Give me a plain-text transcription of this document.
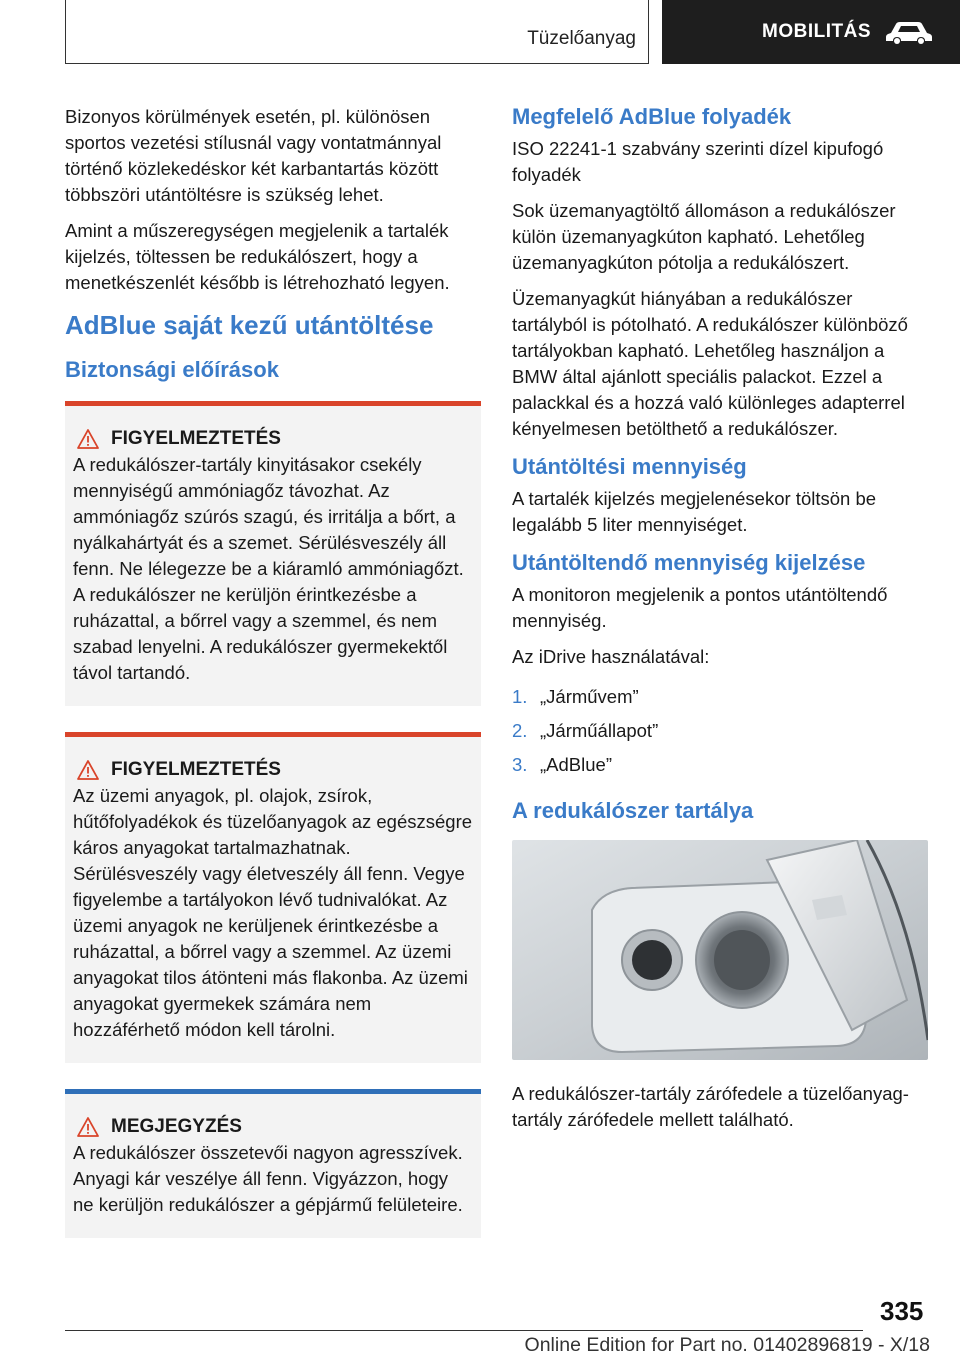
Tüzelőanyag	MOBILITÁS

Bizonyos körülmények esetén, pl. különösen sportos vezetési stílusnál vagy vontatmánnyal történő közlekedéskor két karbantartás között többszöri utántöltésre is szükség lehet.

Amint a műszeregységen megjelenik a tartalék kijelzés, töltessen be redukálószert, hogy a menetkészenlét később is létrehozható legyen.

AdBlue saját kezű utántöltése
Biztonsági előírások
FIGYELMEZTETÉS
A redukálószer-tartály kinyitásakor csekély mennyiségű ammóniagőz távozhat. Az ammóniagőz szúrós szagú, és irritálja a bőrt, a nyálkahártyát és a szemet. Sérülésveszély áll fenn. Ne lélegezze be a kiáramló ammóniagőzt. A redukálószer ne kerüljön érintkezésbe a ruházattal, a bőrrel vagy a szemmel, és nem szabad lenyelni. A redukálószer gyermekektől távol tartandó.
FIGYELMEZTETÉS
Az üzemi anyagok, pl. olajok, zsírok, hűtőfolyadékok és tüzelőanyagok az egészségre káros anyagokat tartalmazhatnak. Sérülésveszély vagy életveszély áll fenn. Vegye figyelembe a tartályokon lévő tudnivalókat. Az üzemi anyagok ne kerüljenek érintkezésbe a ruházattal, a bőrrel vagy a szemmel. Az üzemi anyagokat tilos átönteni más flakonba. Az üzemi anyagokat gyermekek számára nem hozzáférhető módon kell tárolni.
MEGJEGYZÉS
A redukálószer összetevői nagyon agresszívek. Anyagi kár veszélye áll fenn. Vigyázzon, hogy ne kerüljön redukálószer a gépjármű felületeire.
Megfelelő AdBlue folyadék

ISO 22241-1 szabvány szerinti dízel kipufogó folyadék

Sok üzemanyagtöltő állomáson a redukálószer külön üzemanyagkúton kapható. Lehetőleg üzemanyagkúton pótolja a redukálószert.

Üzemanyagkút hiányában a redukálószer tartályból is pótolható. A redukálószer különböző tartályokban kapható. Lehetőleg használjon a BMW által ajánlott speciális palackot. Ezzel a palackkal és a hozzá való különleges adapterrel kényelmesen betölthető a redukálószer.

Utántöltési mennyiség

A tartalék kijelzés megjelenésekor töltsön be legalább 5 liter mennyiséget.

Utántöltendő mennyiség kijelzése

A monitoron megjelenik a pontos utántöltendő mennyiség.

Az iDrive használatával:

1. „Járművem”
2. „Járműállapot”
3. „AdBlue”
A redukálószer tartálya

A redukálószer-tartály zárófedele a tüzelőanyag-tartály zárófedele mellett található.

335
Online Edition for Part no. 01402896819 - X/18
